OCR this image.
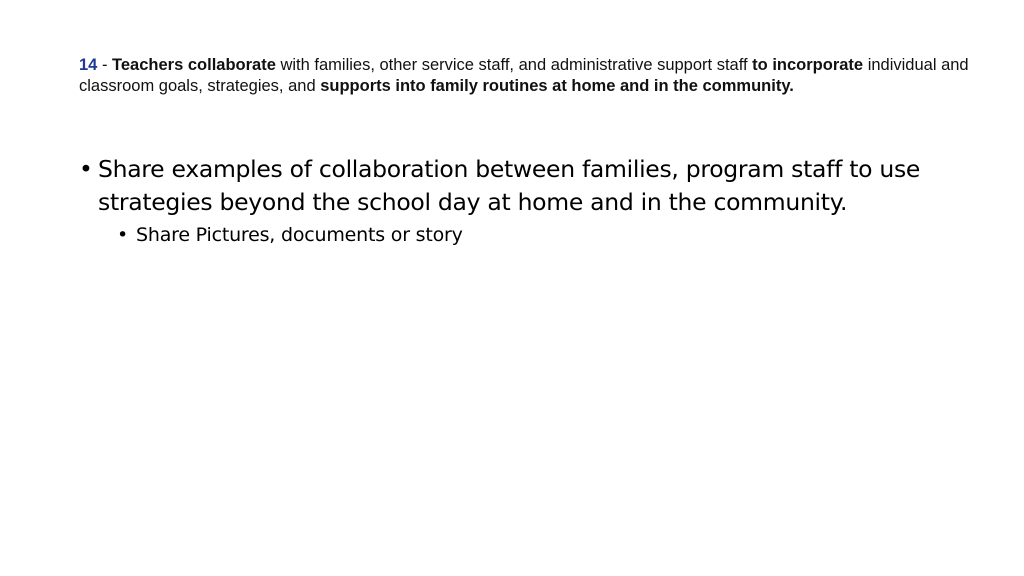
14 - Teachers collaborate with families, other service staff, and administrative support staff to incorporate individual and classroom goals, strategies, and supports into family routines at home and in the community.
• Share examples of collaboration between families, program staff to use strategies beyond the school day at home and in the community.
• Share Pictures, documents or story
